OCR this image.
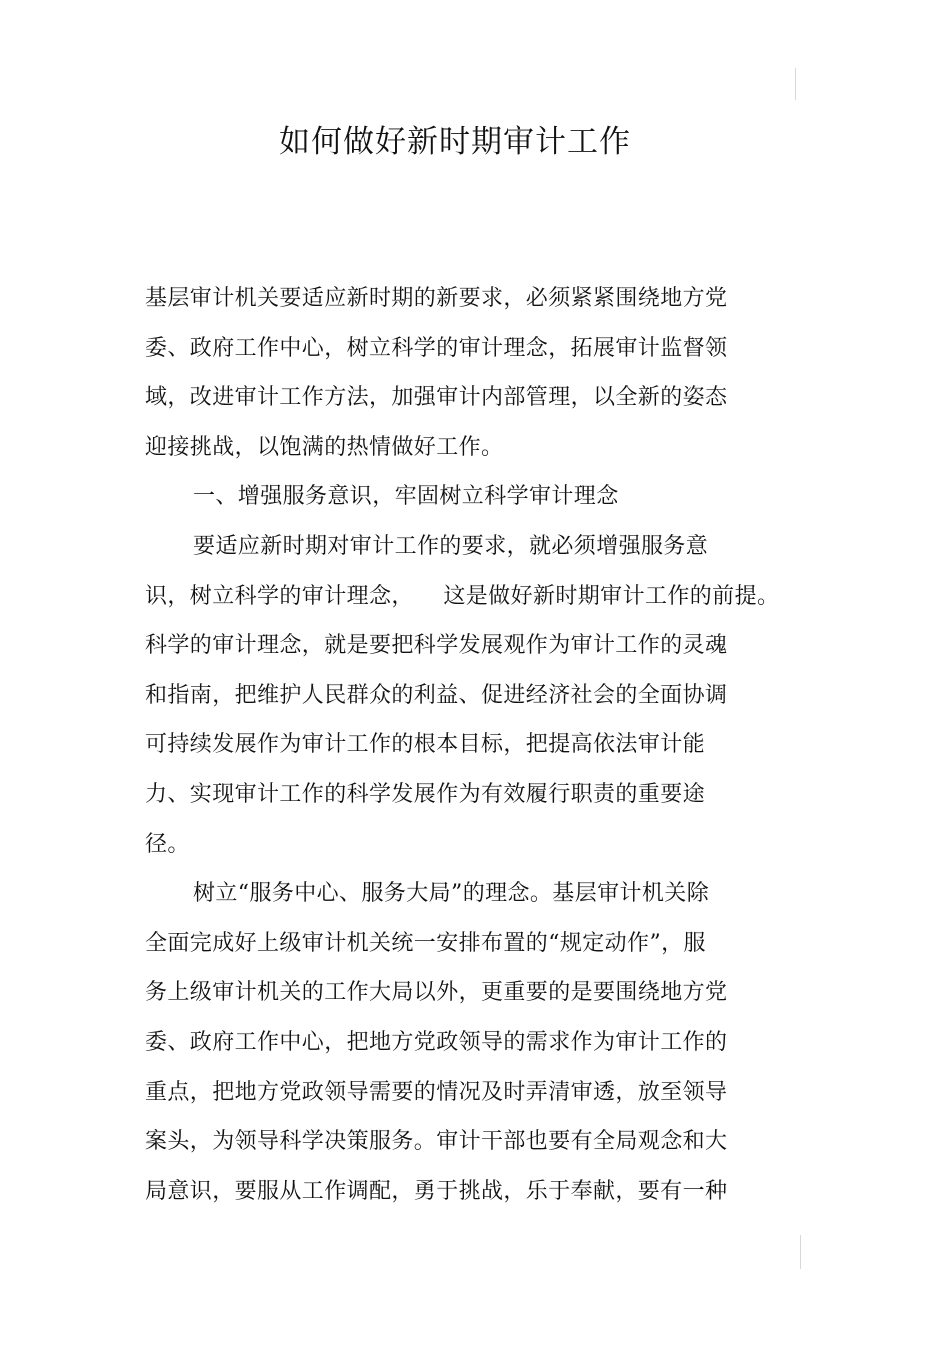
如何做好新时期审计工作
基层审计机关要适应新时期的新要求，必须紧紧围绕地方党
委、政府工作中心，树立科学的审计理念，拓展审计监督领
域，改进审计工作方法，加强审计内部管理，以全新的姿态
迎接挑战，以饱满的热情做好工作。
一、增强服务意识，牢固树立科学审计理念
要适应新时期对审计工作的要求，就必须增强服务意
识，树立科学的审计理念，    这是做好新时期审计工作的前提。
科学的审计理念，就是要把科学发展观作为审计工作的灵魂
和指南，把维护人民群众的利益、促进经济社会的全面协调
可持续发展作为审计工作的根本目标，把提高依法审计能
力、实现审计工作的科学发展作为有效履行职责的重要途
径。
树立“服务中心、服务大局”的理念。基层审计机关除
全面完成好上级审计机关统一安排布置的“规定动作”，服
务上级审计机关的工作大局以外，更重要的是要围绕地方党
委、政府工作中心，把地方党政领导的需求作为审计工作的
重点，把地方党政领导需要的情况及时弄清审透，放至领导
案头，为领导科学决策服务。审计干部也要有全局观念和大
局意识，要服从工作调配，勇于挑战，乐于奉献，要有一种
